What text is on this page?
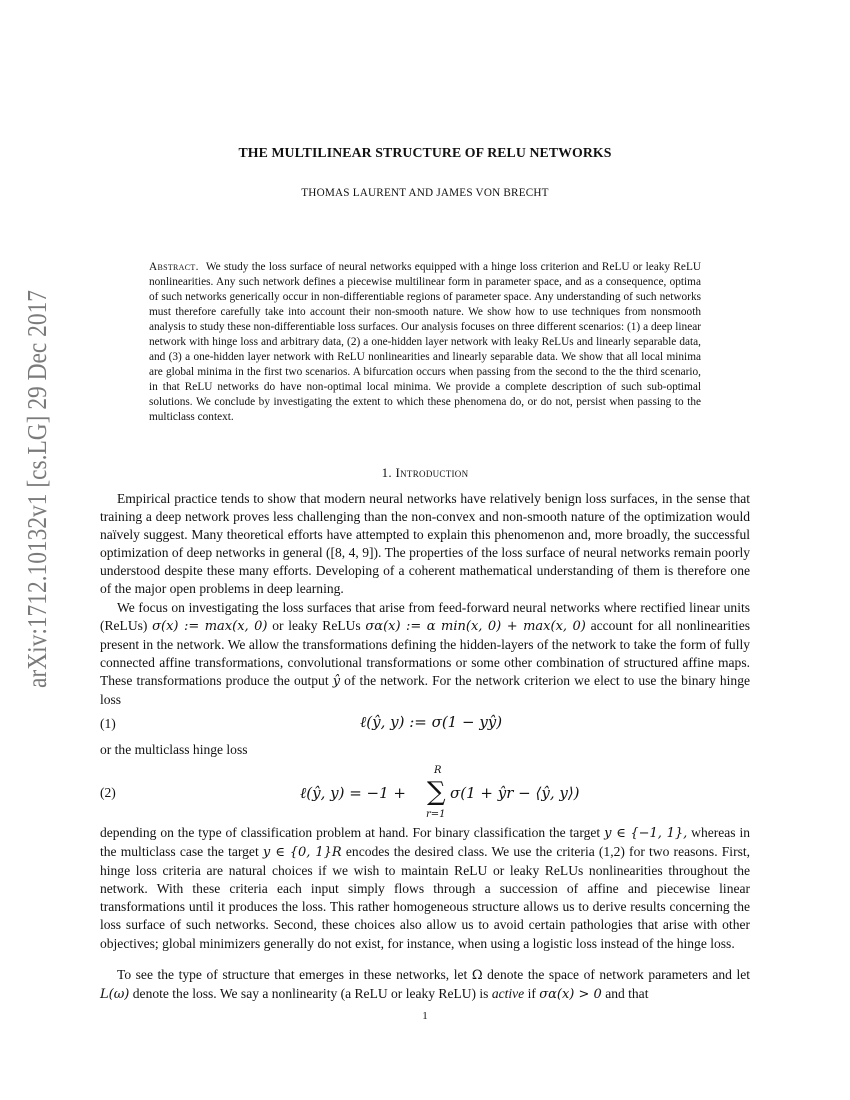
arXiv:1712.10132v1 [cs.LG] 29 Dec 2017
THE MULTILINEAR STRUCTURE OF RELU NETWORKS
THOMAS LAURENT AND JAMES VON BRECHT
Abstract. We study the loss surface of neural networks equipped with a hinge loss criterion and ReLU or leaky ReLU nonlinearities. Any such network defines a piecewise multilinear form in parameter space, and as a consequence, optima of such networks generically occur in non-differentiable regions of parameter space. Any understanding of such networks must therefore carefully take into account their non-smooth nature. We show how to use techniques from nonsmooth analysis to study these non-differentiable loss surfaces. Our analysis focuses on three different scenarios: (1) a deep linear network with hinge loss and arbitrary data, (2) a one-hidden layer network with leaky ReLUs and linearly separable data, and (3) a one-hidden layer network with ReLU nonlinearities and linearly separable data. We show that all local minima are global minima in the first two scenarios. A bifurcation occurs when passing from the second to the the third scenario, in that ReLU networks do have non-optimal local minima. We provide a complete description of such sub-optimal solutions. We conclude by investigating the extent to which these phenomena do, or do not, persist when passing to the multiclass context.
1. Introduction
Empirical practice tends to show that modern neural networks have relatively benign loss surfaces, in the sense that training a deep network proves less challenging than the non-convex and non-smooth nature of the optimization would naïvely suggest. Many theoretical efforts have attempted to explain this phenomenon and, more broadly, the successful optimization of deep networks in general ([8, 4, 9]). The properties of the loss surface of neural networks remain poorly understood despite these many efforts. Developing of a coherent mathematical understanding of them is therefore one of the major open problems in deep learning.
We focus on investigating the loss surfaces that arise from feed-forward neural networks where rectified linear units (ReLUs) σ(x) := max(x, 0) or leaky ReLUs σα(x) := α min(x, 0) + max(x, 0) account for all nonlinearities present in the network. We allow the transformations defining the hidden-layers of the network to take the form of fully connected affine transformations, convolutional transformations or some other combination of structured affine maps. These transformations produce the output ŷ of the network. For the network criterion we elect to use the binary hinge loss
(1)	ℓ(ŷ, y) := σ(1 − yŷ)
or the multiclass hinge loss
(2)	ℓ(ŷ, y) = −1 +
R
∑
r=1
σ(1 + ŷr − ⟨ŷ, y⟩)
depending on the type of classification problem at hand. For binary classification the target y ∈ {−1, 1}, whereas in the multiclass case the target y ∈ {0, 1}R encodes the desired class. We use the criteria (1,2) for two reasons. First, hinge loss criteria are natural choices if we wish to maintain ReLU or leaky ReLUs nonlinearities throughout the network. With these criteria each input simply flows through a succession of affine and piecewise linear transformations until it produces the loss. This rather homogeneous structure allows us to derive results concerning the loss surface of such networks. Second, these choices also allow us to avoid certain pathologies that arise with other objectives; global minimizers generally do not exist, for instance, when using a logistic loss instead of the hinge loss.
To see the type of structure that emerges in these networks, let Ω denote the space of network parameters and let L(ω) denote the loss. We say a nonlinearity (a ReLU or leaky ReLU) is active if σα(x) > 0 and that
1
